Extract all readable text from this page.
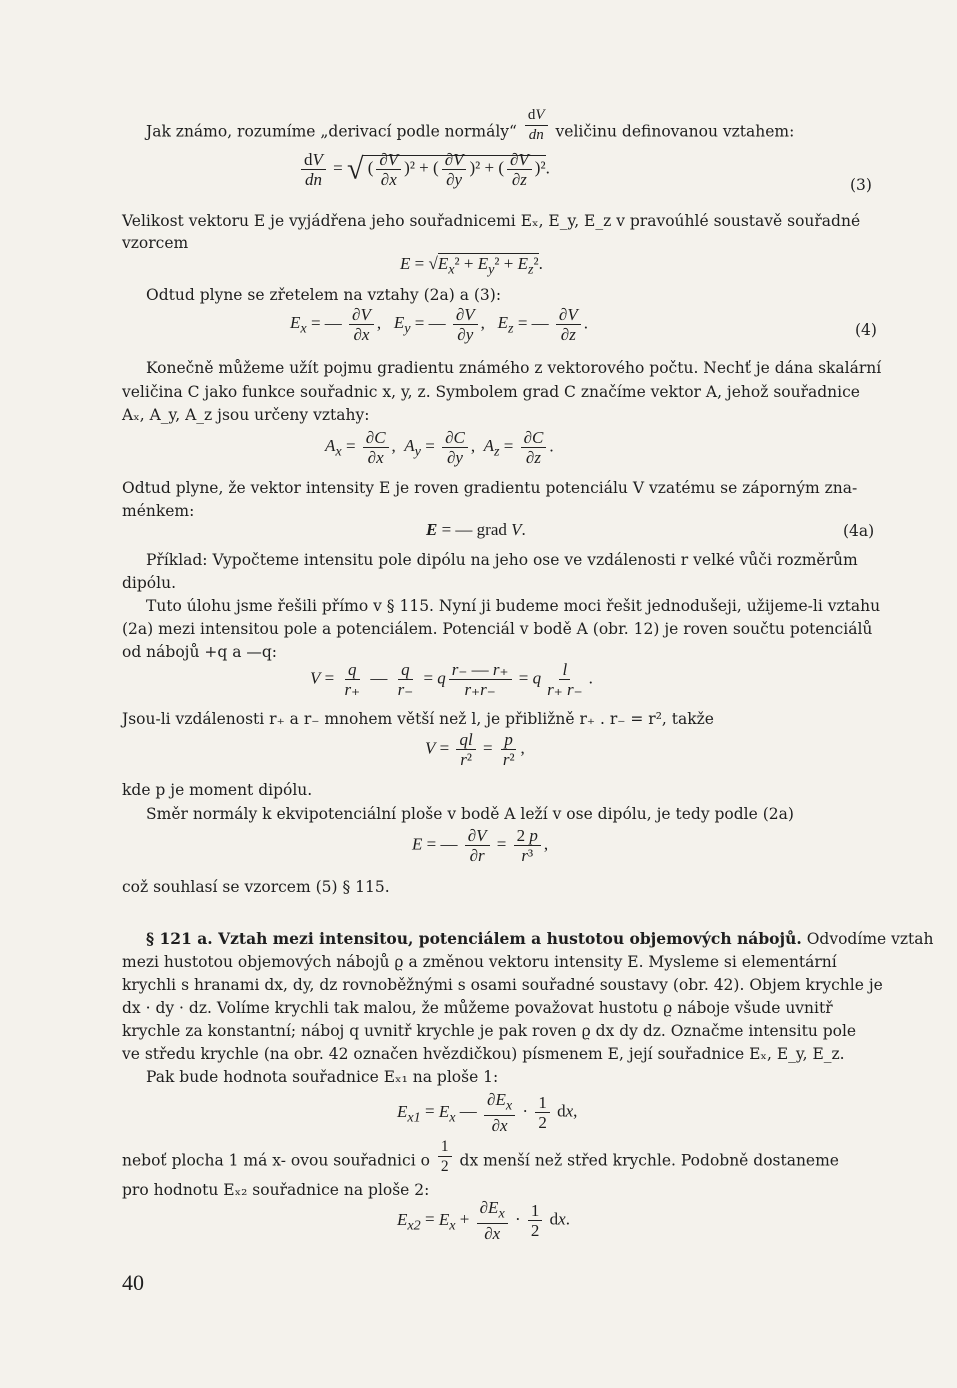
Jak známo, rozumíme „derivací podle normály“ $\frac{dV}{dn}$ veličinu definovanou vztahem:
$\frac{dV}{dn}$ = √ ( $\frac{\partial V}{\partial x} )^2$ + ( $\frac{\partial V}{\partial y} )^2$ + ( $\frac{\partial V}{\partial z} )^2$.
(3)
Velikost vektoru E je vyjádřena jeho souřadnicemi Eₓ, E_y, E_z v pravoúhlé soustavě souřadné
vzorcem
$E = √E_x^2 + E_y^2 + E_z^2$.
Odtud plyne se zřetelem na vztahy (2a) a (3):
$E_x$ = — $\frac{\partial V}{\partial x}$ ,   $E_y$ = — $\frac{\partial V}{\partial y}$ ,   $E_z$ = — $\frac{\partial V}{\partial z}$ .	(4)
Konečně můžeme užít pojmu gradientu známého z vektorového počtu. Nechť je dána skalární
veličina C jako funkce souřadnic x, y, z. Symbolem grad C značíme vektor A, jehož souřadnice
Aₓ, A_y, A_z jsou určeny vztahy:
$A_x = \frac{\partial C}{\partial x}$ ,  $A_y = \frac{\partial C}{\partial y}$ ,  $A_z = \frac{\partial C}{\partial z}$ .
Odtud plyne, že vektor intensity E je roven gradientu potenciálu V vzatému se záporným zna-
ménkem:
E = — grad V.	(4a)
Příklad: Vypočteme intensitu pole dipólu na jeho ose ve vzdálenosti r velké vůči rozměrům
dipólu.
Tuto úlohu jsme řešili přímo v § 115. Nyní ji budeme moci řešit jednodušeji, užijeme-li vztahu
(2a) mezi intensitou pole a potenciálem. Potenciál v bodě A (obr. 12) je roven součtu potenciálů
od nábojů +q a —q:
$V = \frac{q}{r_+}$ — $\frac{q}{r_-} = q \frac{r_- — r_+}{r_+r_-} = q \frac{l}{r_+ r_-}$ .
Jsou-li vzdálenosti r₊ a r₋ mnohem větší než l, je přibližně r₊ . r₋ = r², takže
$V = \frac{ql}{\text{r²}} = \frac{p}{\text{r²}}$ ,
kde p je moment dipólu.
Směr normály k ekvipotenciální ploše v bodě A leží v ose dipólu, je tedy podle (2a)
E = — $\frac{\partial V}{\partial r} = \frac{2 p}{\text{r³}}$ ,
což souhlasí se vzorcem (5) § 115.
§ 121 a. Vztah mezi intensitou, potenciálem a hustotou objemových nábojů. Odvodíme vztah
mezi hustotou objemových nábojů ϱ a změnou vektoru intensity E. Mysleme si elementární
krychli s hranami dx, dy, dz rovnoběžnými s osami souřadné soustavy (obr. 42). Objem krychle je
dx · dy · dz. Volíme krychli tak malou, že můžeme považovat hustotu ϱ náboje všude uvnitř
krychle za konstantní; náboj q uvnitř krychle je pak roven ϱ dx dy dz. Označme intensitu pole
ve středu krychle (na obr. 42 označen hvězdičkou) písmenem E, její souřadnice Eₓ, E_y, E_z.
Pak bude hodnota souřadnice Eₓ₁ na ploše 1:
$E_{x1} = E_x$ — $\frac{\partial E_x}{\partial x} \cdot \frac{1}{2}$ dx,
neboť plocha 1 má x- ovou souřadnici o $\frac{1}{2}$ dx menší než střed krychle. Podobně dostaneme
pro hodnotu Eₓ₂ souřadnice na ploše 2:
$E_{x2} = E_x + \frac{\partial E_x}{\partial x} \cdot \frac{1}{2}$ dx.
40
